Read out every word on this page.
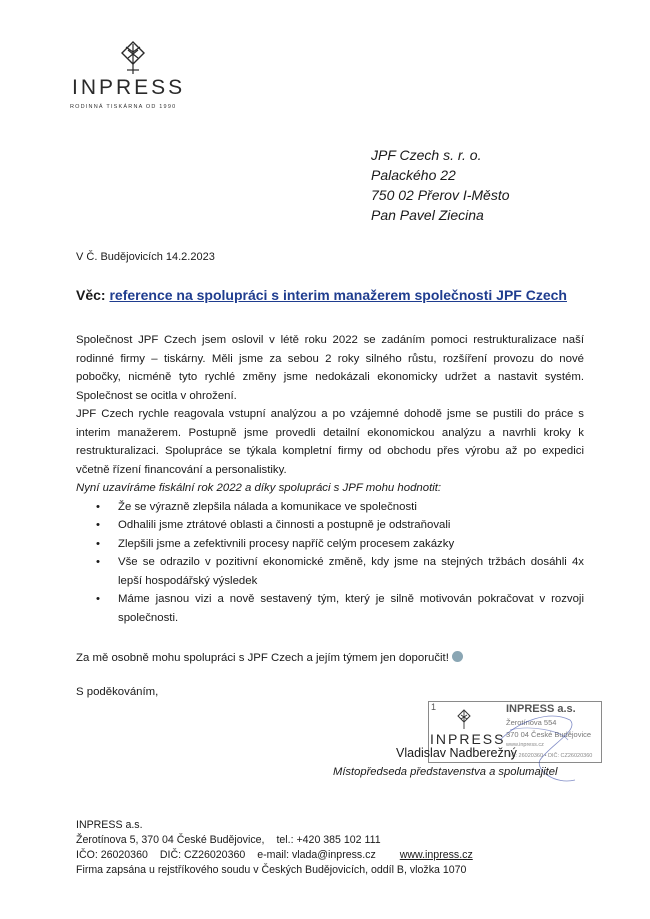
INPRESS
RODINNÁ TISKÁRNA OD 1990
JPF Czech s. r. o.
Palackého 22
750 02 Přerov I-Město
Pan Pavel Ziecina
V Č. Budějovicích 14.2.2023
Věc: reference na spolupráci s interim manažerem společnosti JPF Czech

Společnost JPF Czech jsem oslovil v létě roku 2022 se zadáním pomoci restrukturalizace naší rodinné firmy – tiskárny. Měli jsme za sebou 2 roky silného růstu, rozšíření provozu do nové pobočky, nicméně tyto rychlé změny jsme nedokázali ekonomicky udržet a nastavit systém. Společnost se ocitla v ohrožení.

JPF Czech rychle reagovala vstupní analýzou a po vzájemné dohodě jsme se pustili do práce s interim manažerem. Postupně jsme provedli detailní ekonomickou analýzu a navrhli kroky k restrukturalizaci. Spolupráce se týkala kompletní firmy od obchodu přes výrobu až po expedici včetně řízení financování a personalistiky.

Nyní uzavíráme fiskální rok 2022 a díky spolupráci s JPF mohu hodnotit:

• Že se výrazně zlepšila nálada a komunikace ve společnosti
• Odhalili jsme ztrátové oblasti a činnosti a postupně je odstraňovali
• Zlepšili jsme a zefektivnili procesy napříč celým procesem zakázky
• Vše se odrazilo v pozitivní ekonomické změně, kdy jsme na stejných tržbách dosáhli 4x lepší hospodářský výsledek
• Máme jasnou vizi a nově sestavený tým, který je silně motivován pokračovat v rozvoji společnosti.
Za mě osobně mohu spolupráci s JPF Czech a jejím týmem jen doporučit!
S poděkováním,
1
INPRESS
INPRESS a.s.
Žerotínova 554
370 04 České Budějovice
www.inpress.cz
IČ: 26020360 • DIČ: CZ26020360
Vladislav Nadberežný
Místopředseda představenstva a spolumajitel
INPRESS a.s.
Žerotínova 5, 370 04 České Budějovice, tel.: +420 385 102 111
IČO: 26020360 DIČ: CZ26020360 e-mail: vlada@inpress.cz www.inpress.cz
Firma zapsána u rejstříkového soudu v Českých Budějovicích, oddíl B, vložka 1070
